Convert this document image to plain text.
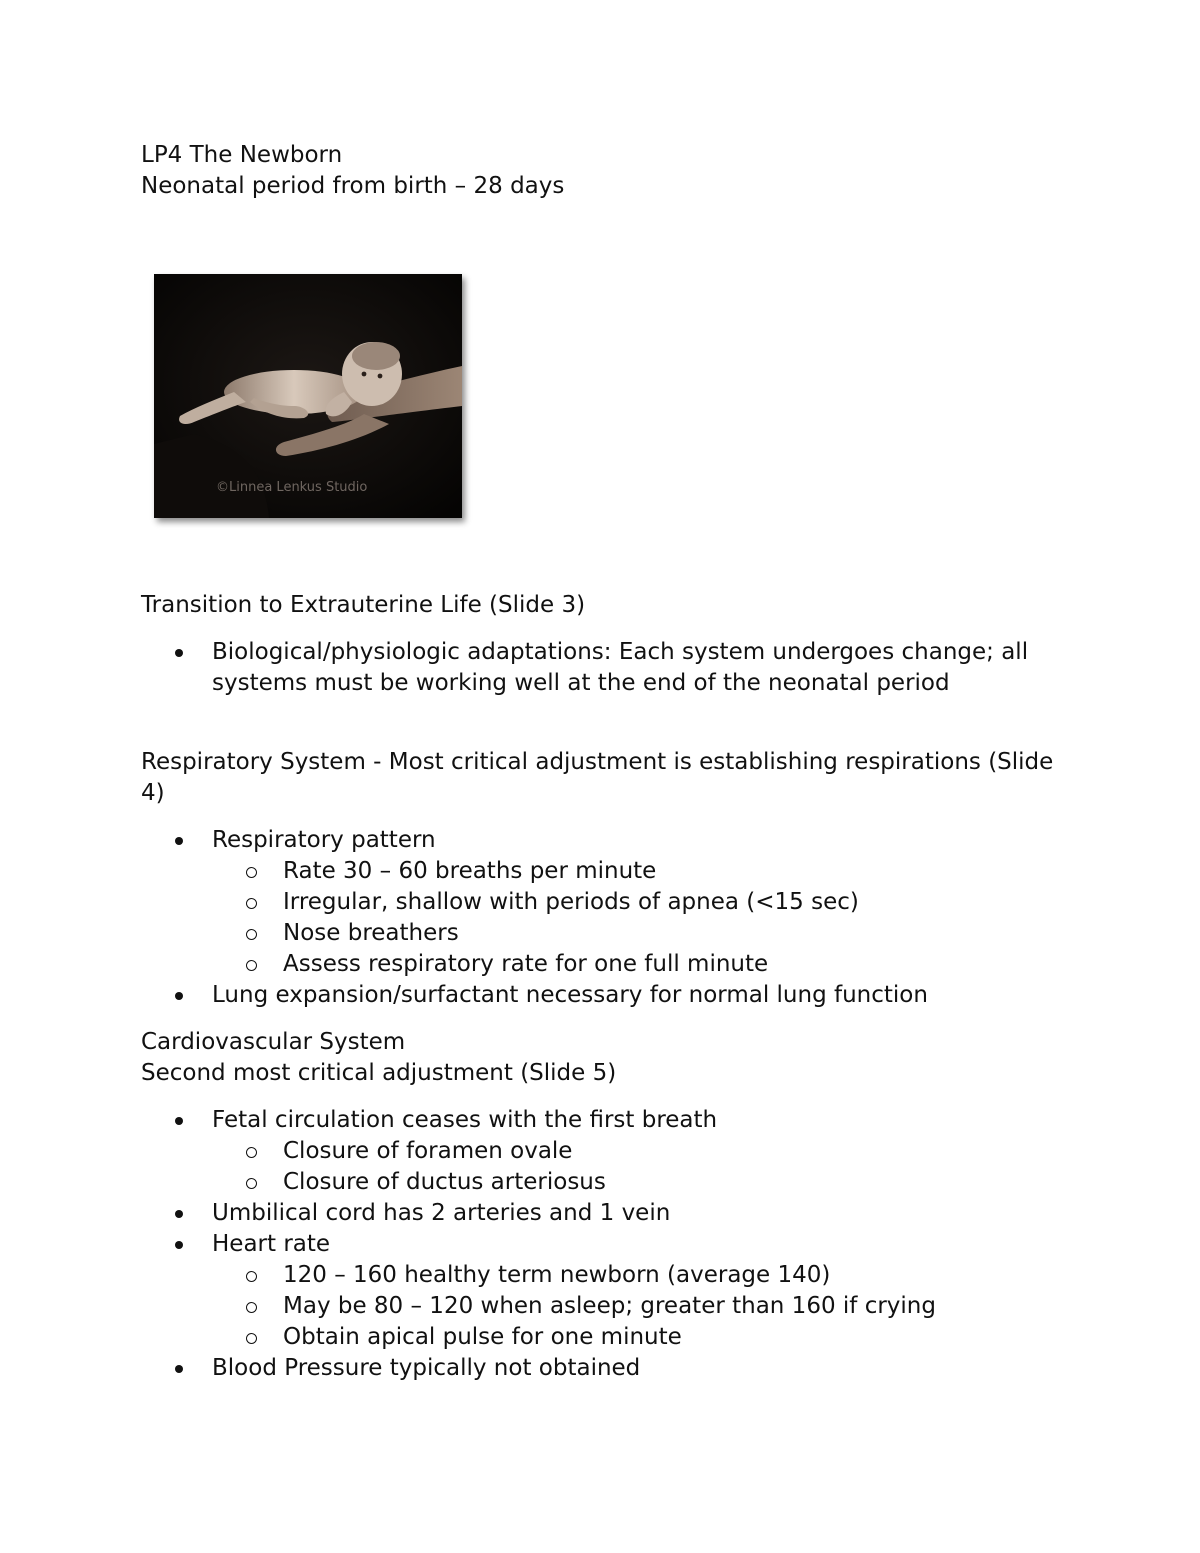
LP4 The Newborn

Neonatal period from birth – 28 days

©Linnea Lenkus Studio

Transition to Extrauterine Life (Slide 3)

Biological/physiologic adaptations: Each system undergoes change; all systems must be working well at the end of the neonatal period

Respiratory System - Most critical adjustment is establishing respirations (Slide 4)

Respiratory pattern
Rate 30 – 60 breaths per minute
Irregular, shallow with periods of apnea (<15 sec)
Nose breathers
Assess respiratory rate for one full minute
Lung expansion/surfactant necessary for normal lung function

Cardiovascular System

Second most critical adjustment (Slide 5)

Fetal circulation ceases with the first breath
Closure of foramen ovale
Closure of ductus arteriosus
Umbilical cord has 2 arteries and 1 vein
Heart rate
120 – 160 healthy term newborn (average 140)
May be 80 – 120 when asleep; greater than 160 if crying
Obtain apical pulse for one minute
Blood Pressure typically not obtained
